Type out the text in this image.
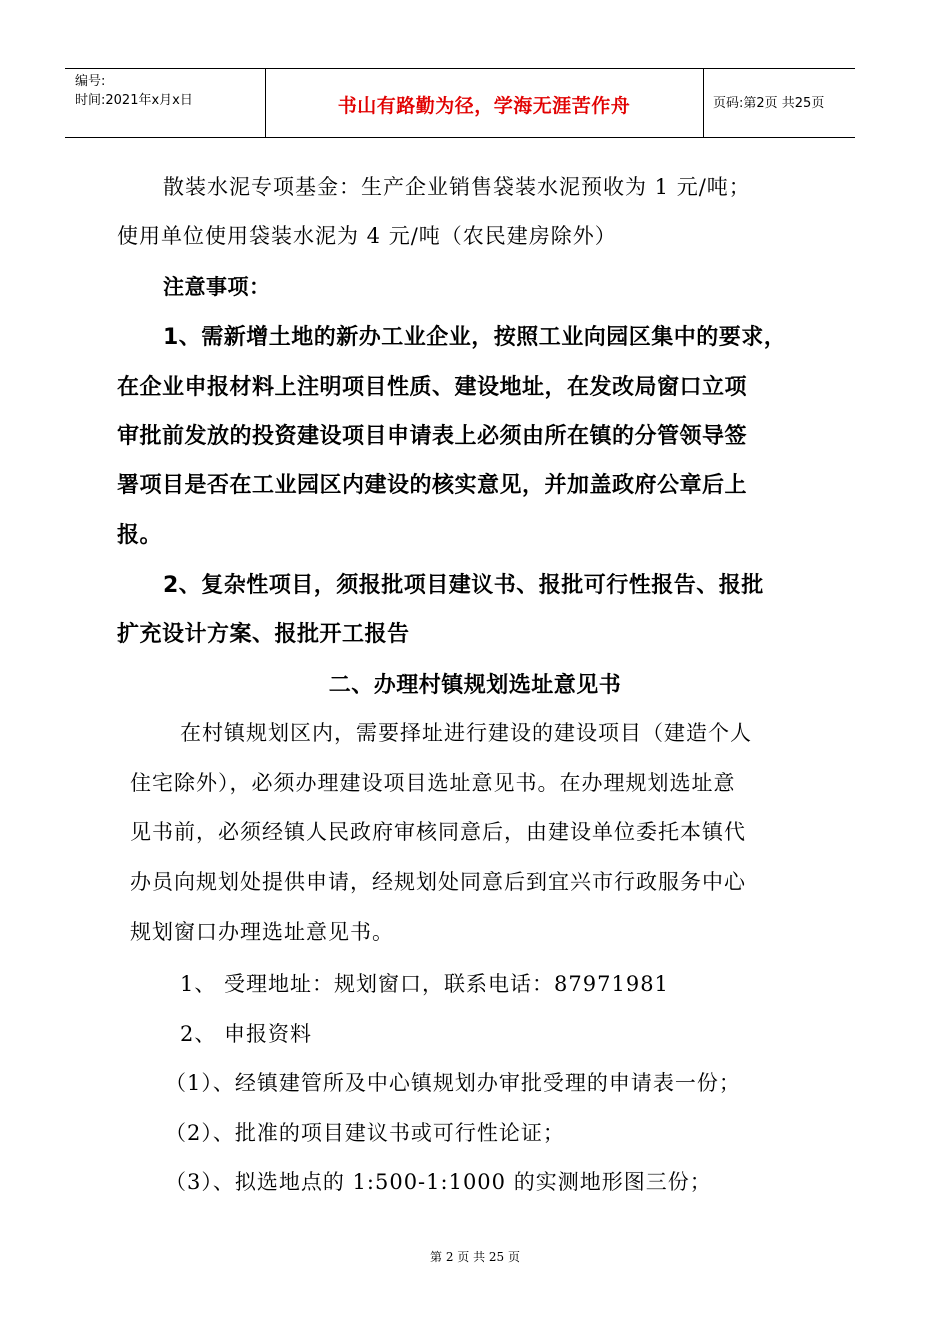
编号:
时间:2021年x月x日	书山有路勤为径，学海无涯苦作舟	页码:第2页 共25页
散装水泥专项基金：生产企业销售袋装水泥预收为 1 元/吨；
使用单位使用袋装水泥为 4 元/吨（农民建房除外）
注意事项：
1、需新增土地的新办工业企业，按照工业向园区集中的要求，
在企业申报材料上注明项目性质、建设地址，在发改局窗口立项
审批前发放的投资建设项目申请表上必须由所在镇的分管领导签
署项目是否在工业园区内建设的核实意见，并加盖政府公章后上
报。
2、复杂性项目，须报批项目建议书、报批可行性报告、报批
扩充设计方案、报批开工报告
二、办理村镇规划选址意见书
在村镇规划区内，需要择址进行建设的建设项目（建造个人
住宅除外），必须办理建设项目选址意见书。在办理规划选址意
见书前，必须经镇人民政府审核同意后，由建设单位委托本镇代
办员向规划处提供申请，经规划处同意后到宜兴市行政服务中心
规划窗口办理选址意见书。
1、 受理地址：规划窗口，联系电话：87971981
2、 申报资料
（1）、经镇建管所及中心镇规划办审批受理的申请表一份；
（2）、批准的项目建议书或可行性论证；
（3）、拟选地点的 1:500-1:1000 的实测地形图三份；
第 2 页 共 25 页
